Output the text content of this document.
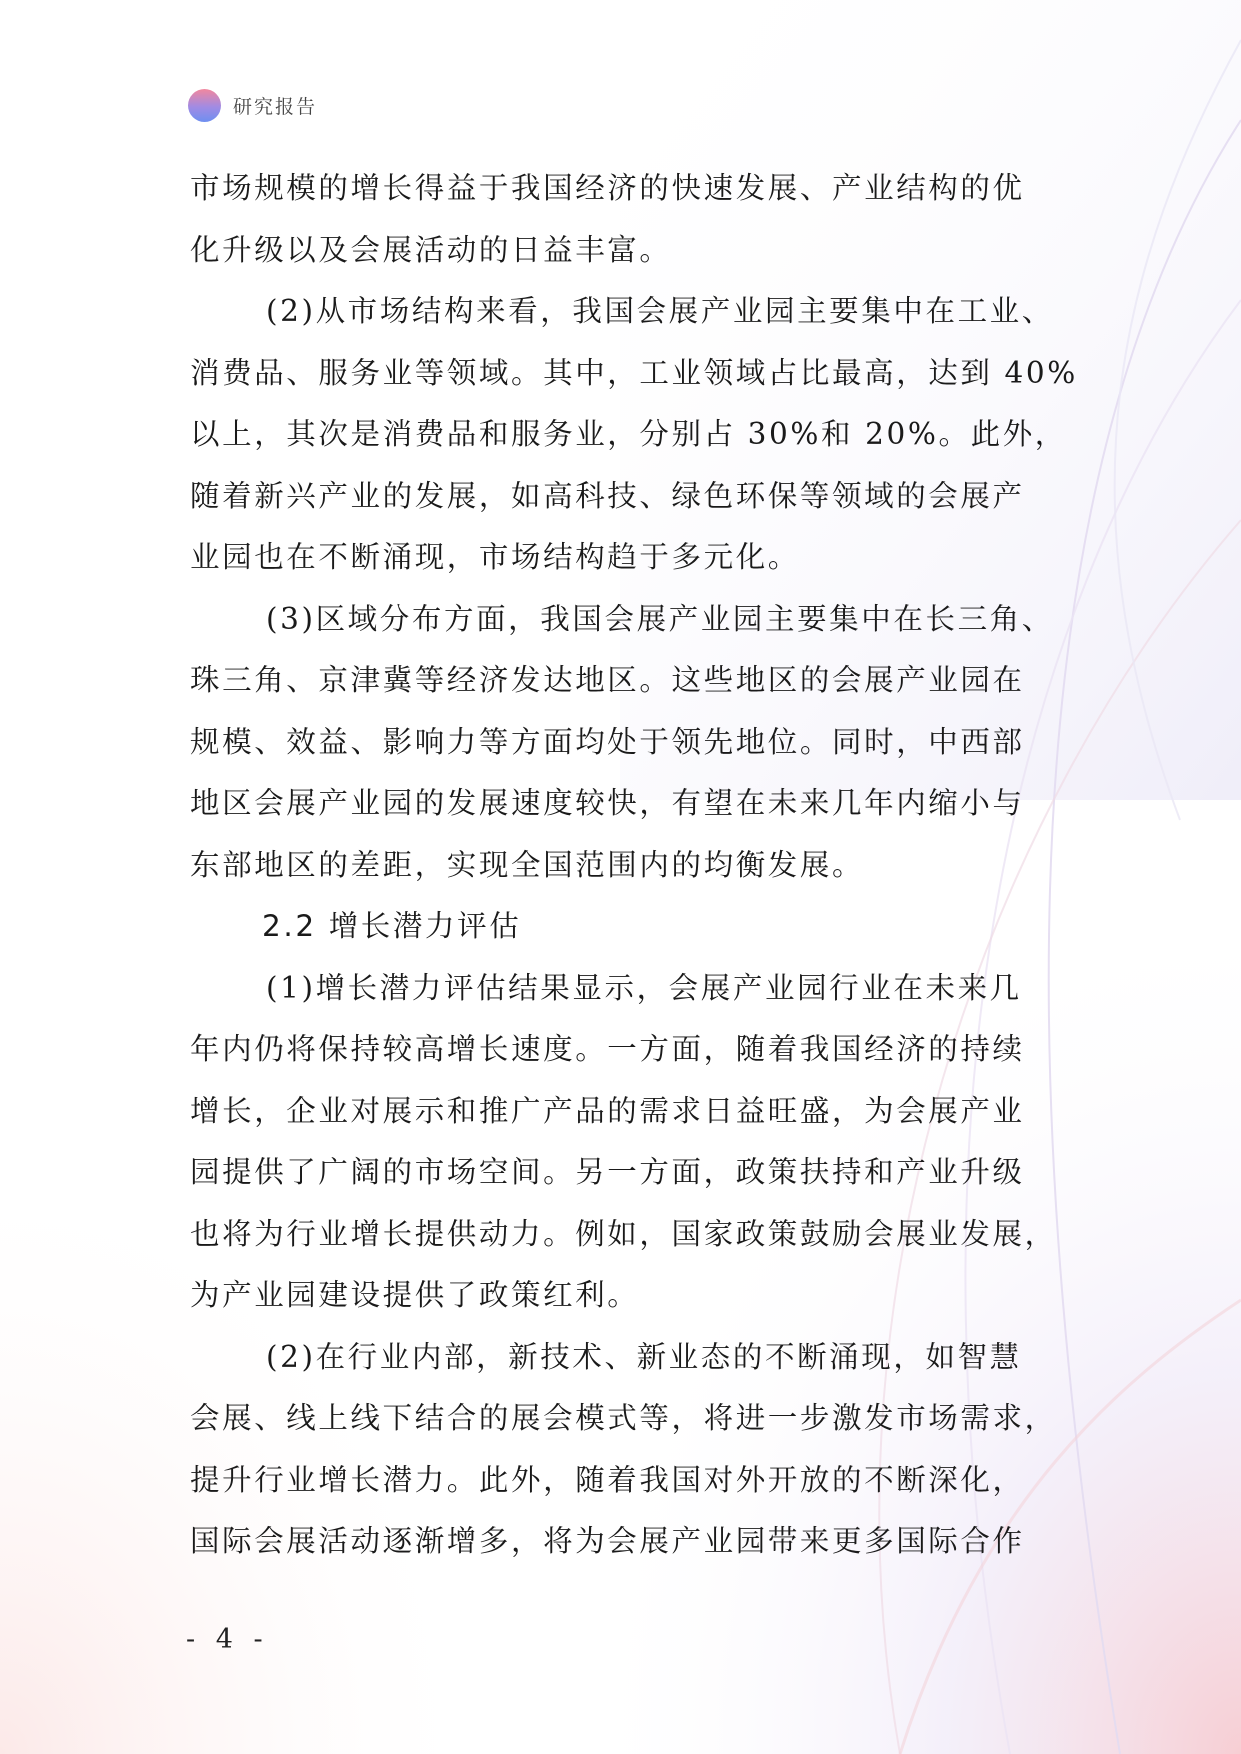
研究报告

市场规模的增长得益于我国经济的快速发展、产业结构的优
化升级以及会展活动的日益丰富。

(2)从市场结构来看，我国会展产业园主要集中在工业、
消费品、服务业等领域。其中，工业领域占比最高，达到 40%
以上，其次是消费品和服务业，分别占 30%和 20%。此外，
随着新兴产业的发展，如高科技、绿色环保等领域的会展产
业园也在不断涌现，市场结构趋于多元化。

(3)区域分布方面，我国会展产业园主要集中在长三角、
珠三角、京津冀等经济发达地区。这些地区的会展产业园在
规模、效益、影响力等方面均处于领先地位。同时，中西部
地区会展产业园的发展速度较快，有望在未来几年内缩小与
东部地区的差距，实现全国范围内的均衡发展。

2.2 增长潜力评估

(1)增长潜力评估结果显示，会展产业园行业在未来几
年内仍将保持较高增长速度。一方面，随着我国经济的持续
增长，企业对展示和推广产品的需求日益旺盛，为会展产业
园提供了广阔的市场空间。另一方面，政策扶持和产业升级
也将为行业增长提供动力。例如，国家政策鼓励会展业发展，
为产业园建设提供了政策红利。

(2)在行业内部，新技术、新业态的不断涌现，如智慧
会展、线上线下结合的展会模式等，将进一步激发市场需求，
提升行业增长潜力。此外，随着我国对外开放的不断深化，
国际会展活动逐渐增多，将为会展产业园带来更多国际合作

- 4 -
